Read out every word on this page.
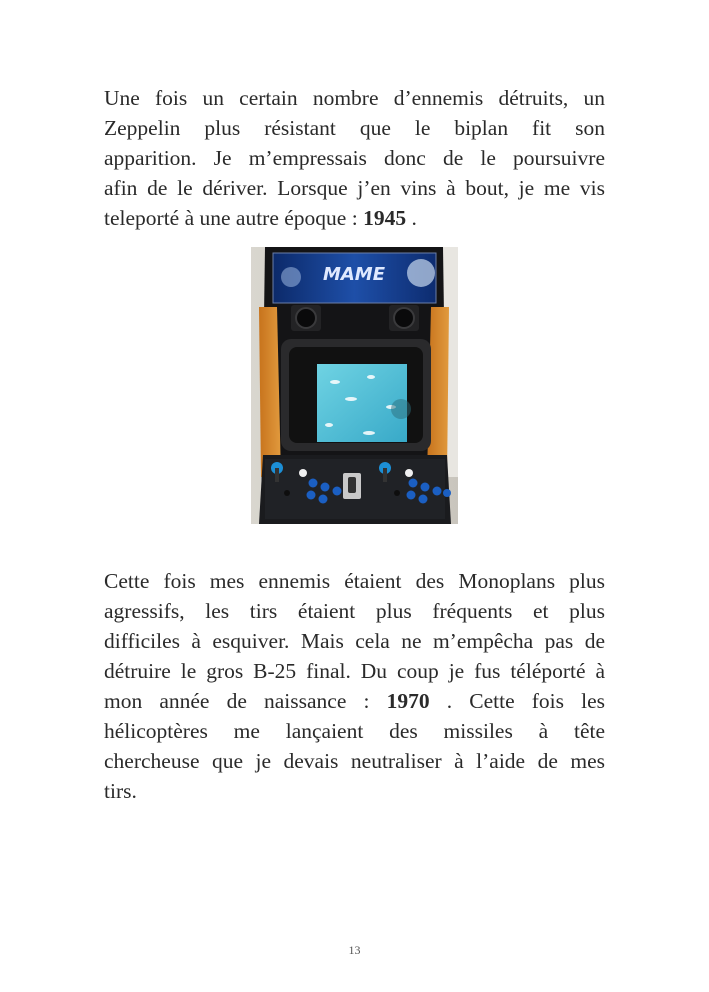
Une fois un certain nombre d’ennemis détruits, un
Zeppelin plus résistant que le biplan fit son
apparition. Je m’empressais donc de le poursuivre
afin de le dériver. Lorsque j’en vins à bout, je me vis
teleporté à une autre époque : 1945 .
MAME
Cette fois mes ennemis étaient des Monoplans plus
agressifs, les tirs étaient plus fréquents et plus
difficiles à esquiver. Mais cela ne m’empêcha pas de
détruire le gros B-25 final. Du coup je fus téléporté à
mon année de naissance : 1970 . Cette fois les
hélicoptères me lançaient des missiles à tête
chercheuse que je devais neutraliser à l’aide de mes
tirs.
13
